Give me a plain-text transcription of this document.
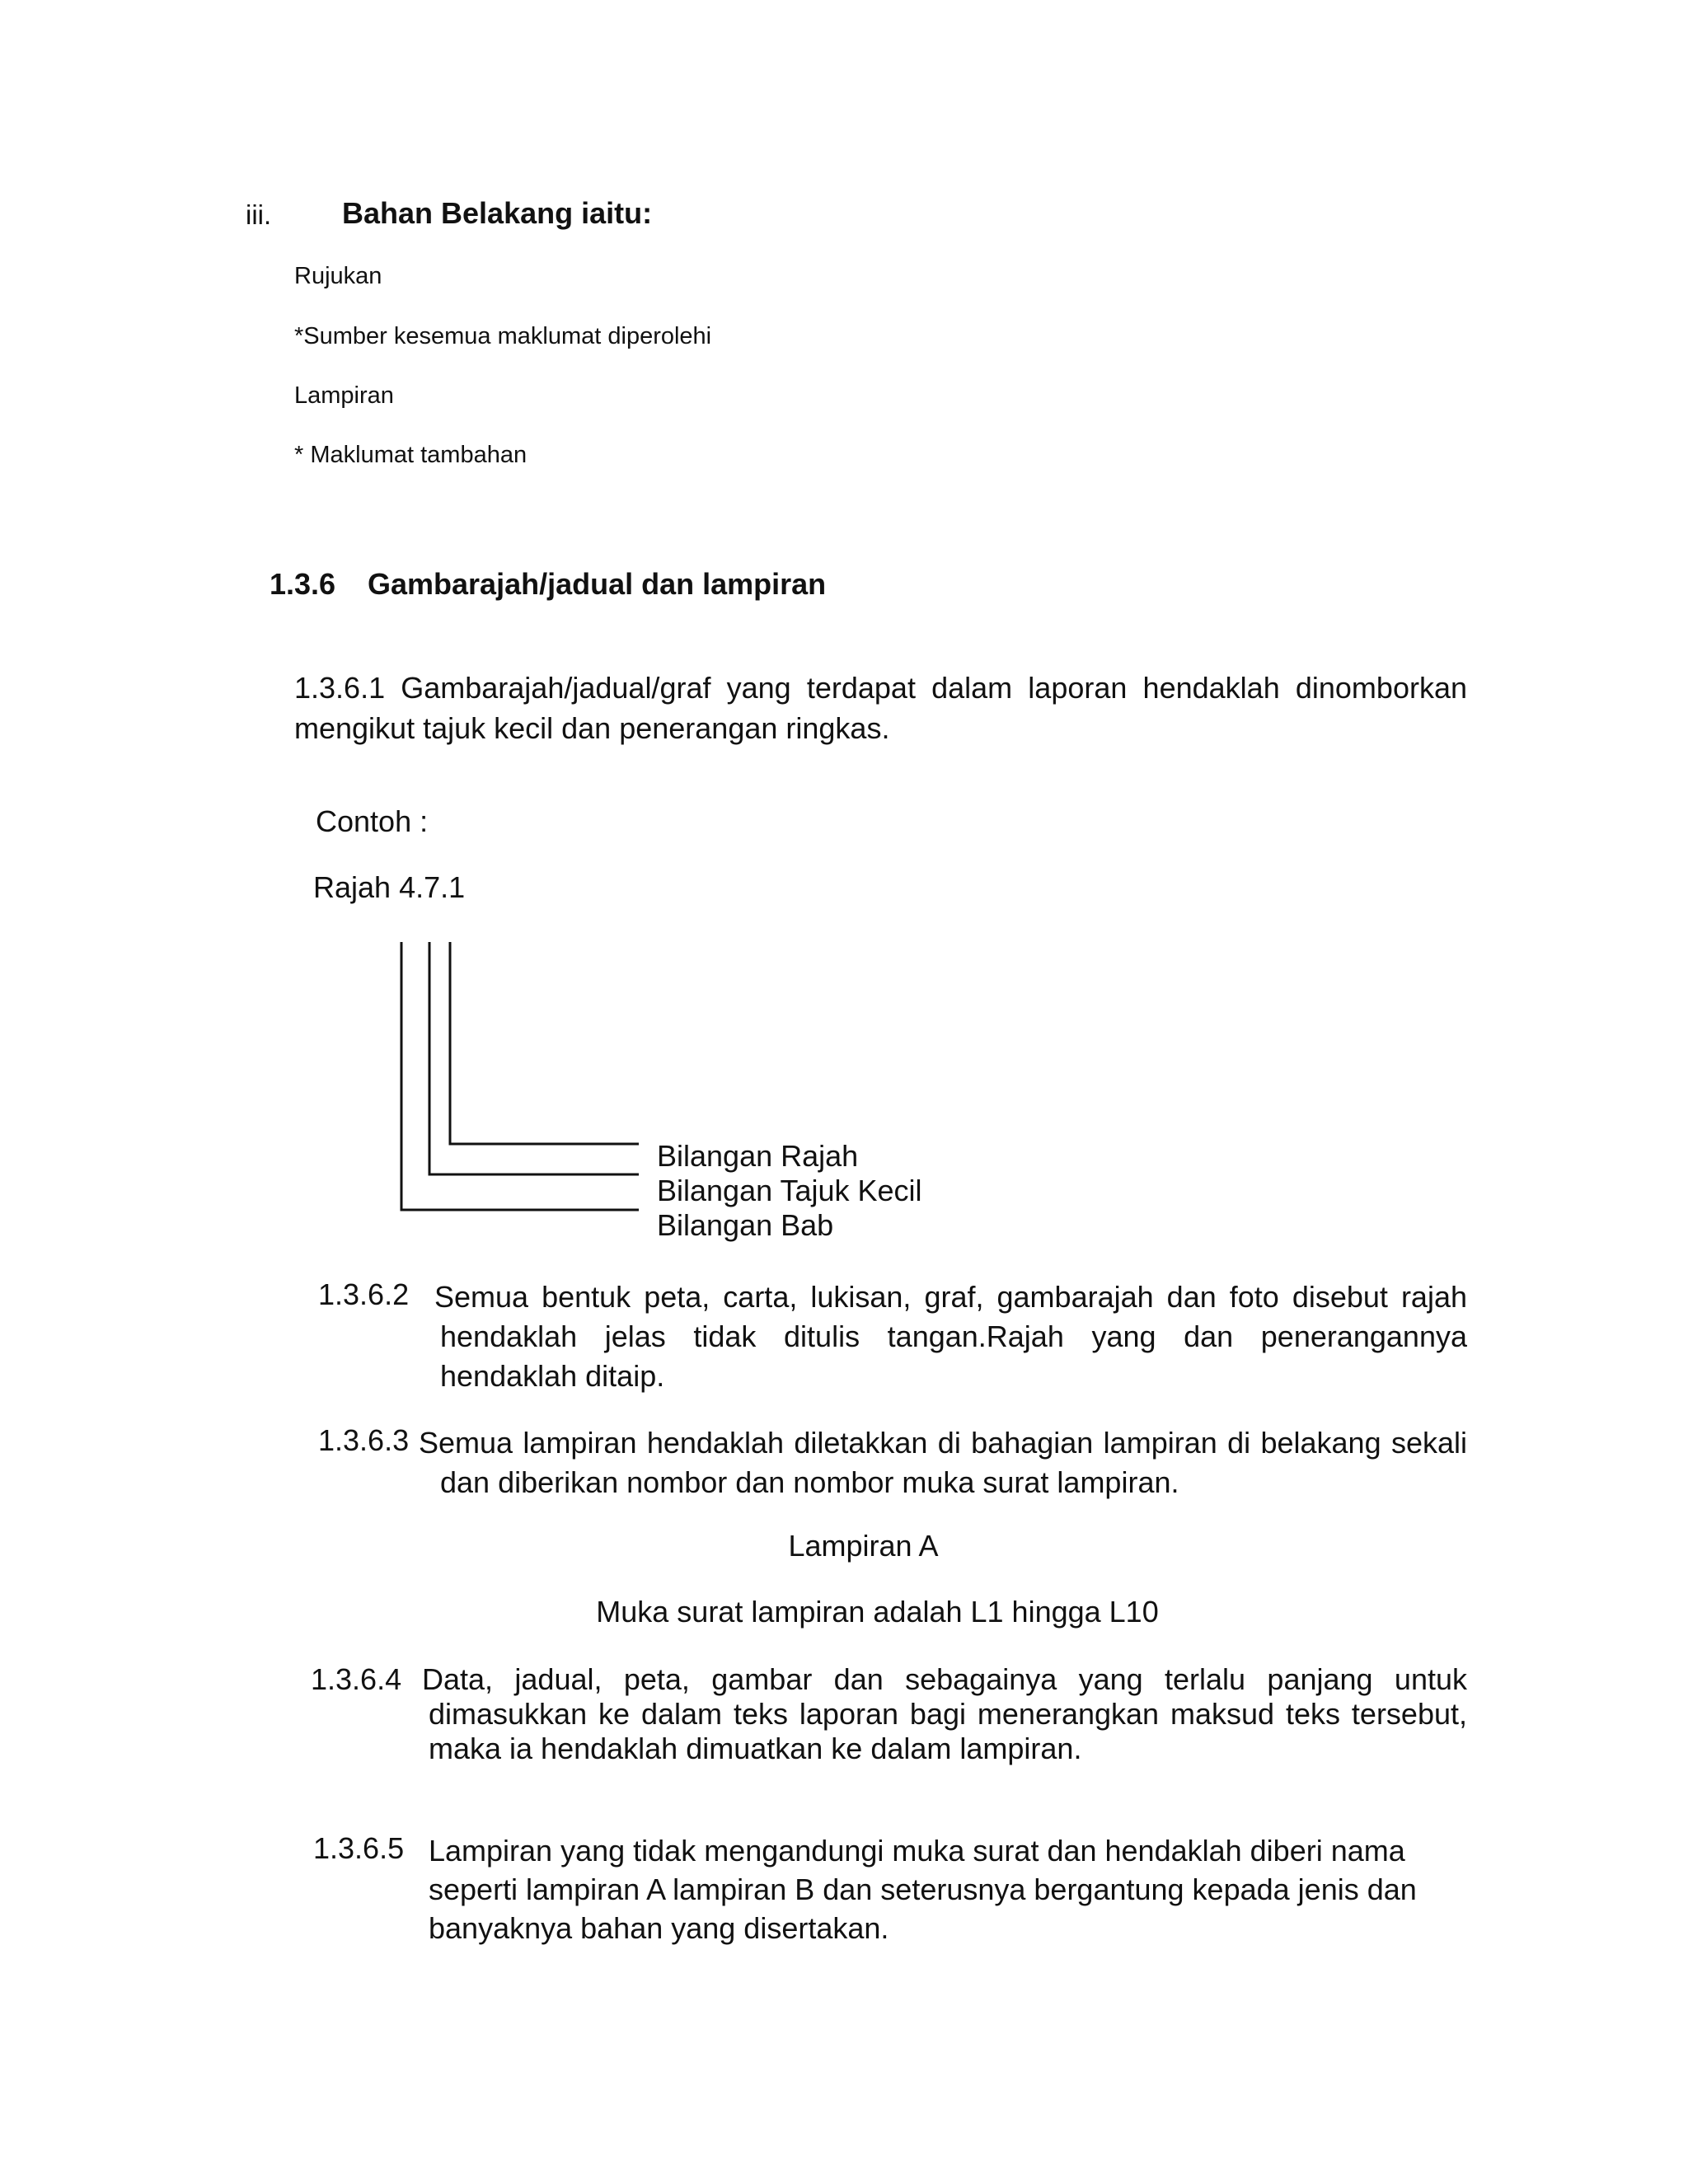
iii. Bahan Belakang iaitu:
Rujukan
*Sumber kesemua maklumat diperolehi
Lampiran
* Maklumat tambahan
1.3.6 Gambarajah/jadual dan lampiran
1.3.6.1 Gambarajah/jadual/graf yang terdapat dalam laporan hendaklah dinomborkan mengikut tajuk kecil dan penerangan ringkas.
Contoh :
Rajah 4.7.1
Bilangan Rajah
Bilangan Tajuk Kecil
Bilangan Bab
1.3.6.2 Semua bentuk peta, carta, lukisan, graf, gambarajah dan foto disebut rajah hendaklah jelas tidak ditulis tangan.Rajah yang dan penerangannya hendaklah ditaip.
1.3.6.3 Semua lampiran hendaklah diletakkan di bahagian lampiran di belakang sekali dan diberikan nombor dan nombor muka surat lampiran.
Lampiran A
Muka surat lampiran adalah L1 hingga L10
1.3.6.4 Data, jadual, peta, gambar dan sebagainya yang terlalu panjang untuk dimasukkan ke dalam teks laporan bagi menerangkan maksud teks tersebut, maka ia hendaklah dimuatkan ke dalam lampiran.
1.3.6.5 Lampiran yang tidak mengandungi muka surat dan hendaklah diberi nama seperti lampiran A lampiran B dan seterusnya bergantung kepada jenis dan banyaknya bahan yang disertakan.
